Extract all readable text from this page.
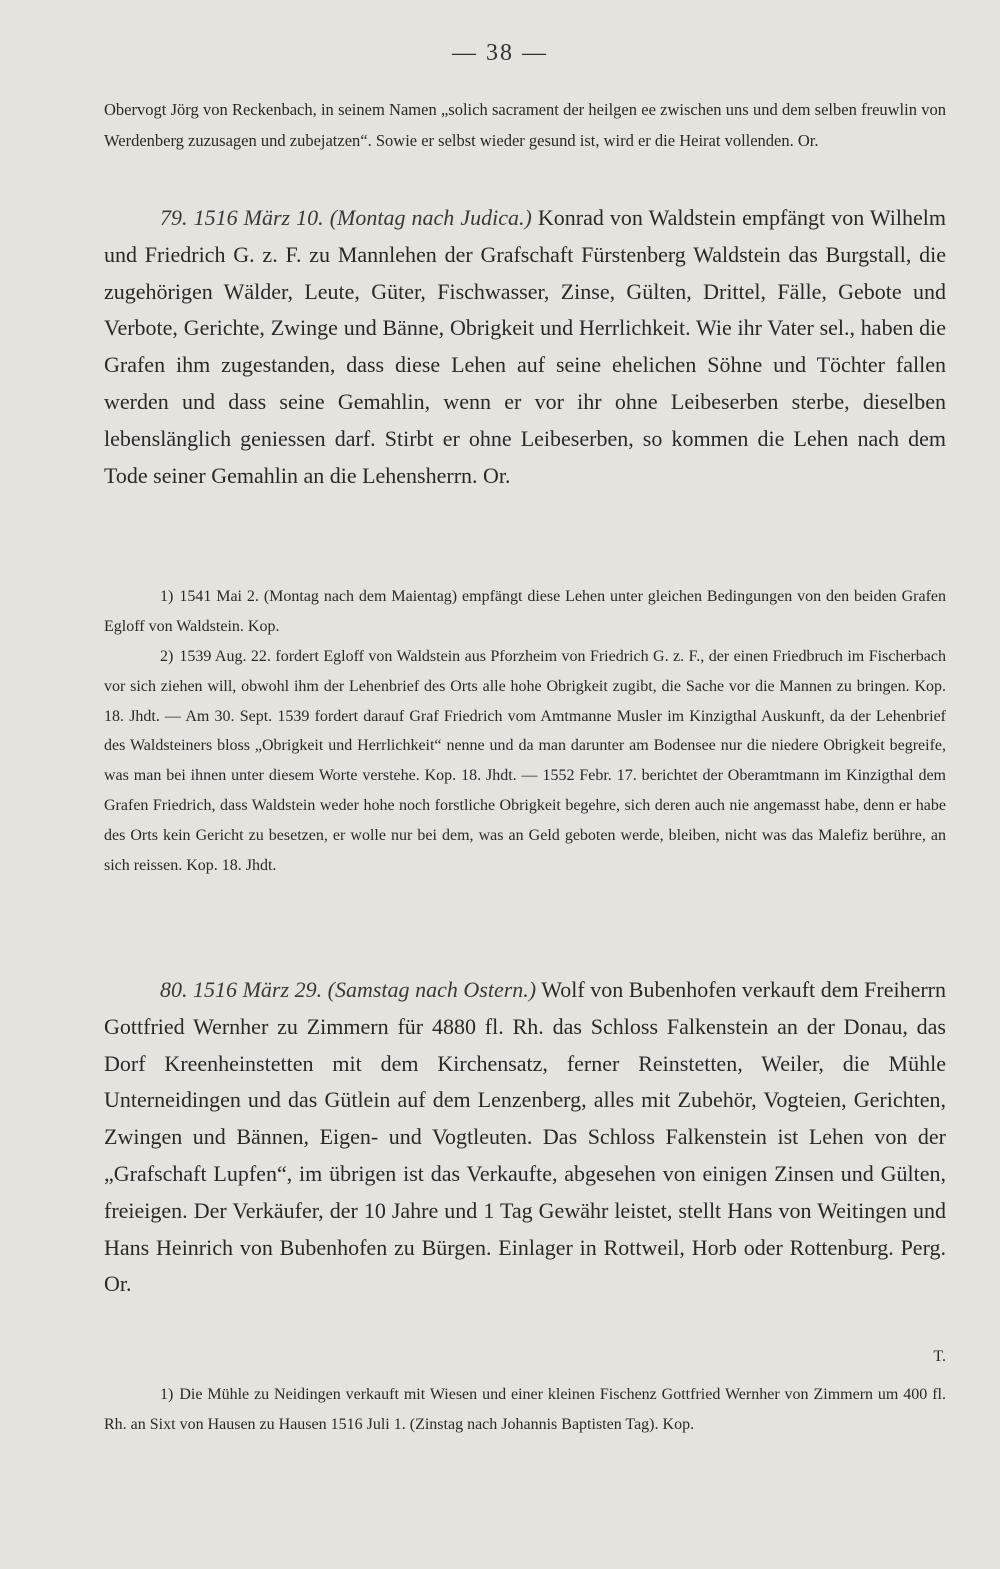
— 38 —

Obervogt Jörg von Reckenbach, in seinem Namen „solich sacrament der heilgen ee zwischen uns und dem selben freuwlin von Werdenberg zuzusagen und zubejatzen“. Sowie er selbst wieder gesund ist, wird er die Heirat vollenden. Or.

79. 1516 März 10. (Montag nach Judica.) Konrad von Waldstein empfängt von Wilhelm und Friedrich G. z. F. zu Mannlehen der Grafschaft Fürstenberg Waldstein das Burgstall, die zugehörigen Wälder, Leute, Güter, Fischwasser, Zinse, Gülten, Drittel, Fälle, Gebote und Verbote, Gerichte, Zwinge und Bänne, Obrigkeit und Herrlichkeit. Wie ihr Vater sel., haben die Grafen ihm zugestanden, dass diese Lehen auf seine ehelichen Söhne und Töchter fallen werden und dass seine Gemahlin, wenn er vor ihr ohne Leibeserben sterbe, dieselben lebenslänglich geniessen darf. Stirbt er ohne Leibeserben, so kommen die Lehen nach dem Tode seiner Gemahlin an die Lehensherrn. Or.
1) 1541 Mai 2. (Montag nach dem Maientag) empfängt diese Lehen unter gleichen Bedingungen von den beiden Grafen Egloff von Waldstein. Kop.
2) 1539 Aug. 22. fordert Egloff von Waldstein aus Pforzheim von Friedrich G. z. F., der einen Friedbruch im Fischerbach vor sich ziehen will, obwohl ihm der Lehenbrief des Orts alle hohe Obrigkeit zugibt, die Sache vor die Mannen zu bringen. Kop. 18. Jhdt. — Am 30. Sept. 1539 fordert darauf Graf Friedrich vom Amtmanne Musler im Kinzigthal Auskunft, da der Lehenbrief des Waldsteiners bloss „Obrigkeit und Herrlichkeit“ nenne und da man darunter am Bodensee nur die niedere Obrigkeit begreife, was man bei ihnen unter diesem Worte verstehe. Kop. 18. Jhdt. — 1552 Febr. 17. berichtet der Oberamtmann im Kinzigthal dem Grafen Friedrich, dass Waldstein weder hohe noch forstliche Obrigkeit begehre, sich deren auch nie angemasst habe, denn er habe des Orts kein Gericht zu besetzen, er wolle nur bei dem, was an Geld geboten werde, bleiben, nicht was das Malefiz berühre, an sich reissen. Kop. 18. Jhdt.
80. 1516 März 29. (Samstag nach Ostern.) Wolf von Bubenhofen verkauft dem Freiherrn Gottfried Wernher zu Zimmern für 4880 fl. Rh. das Schloss Falkenstein an der Donau, das Dorf Kreenheinstetten mit dem Kirchensatz, ferner Reinstetten, Weiler, die Mühle Unterneidingen und das Gütlein auf dem Lenzenberg, alles mit Zubehör, Vogteien, Gerichten, Zwingen und Bännen, Eigen- und Vogtleuten. Das Schloss Falkenstein ist Lehen von der „Grafschaft Lupfen“, im übrigen ist das Verkaufte, abgesehen von einigen Zinsen und Gülten, freieigen. Der Verkäufer, der 10 Jahre und 1 Tag Gewähr leistet, stellt Hans von Weitingen und Hans Heinrich von Bubenhofen zu Bürgen. Einlager in Rottweil, Horb oder Rottenburg. Perg. Or.
T.
1) Die Mühle zu Neidingen verkauft mit Wiesen und einer kleinen Fischenz Gottfried Wernher von Zimmern um 400 fl. Rh. an Sixt von Hausen zu Hausen 1516 Juli 1. (Zinstag nach Johannis Baptisten Tag). Kop.
